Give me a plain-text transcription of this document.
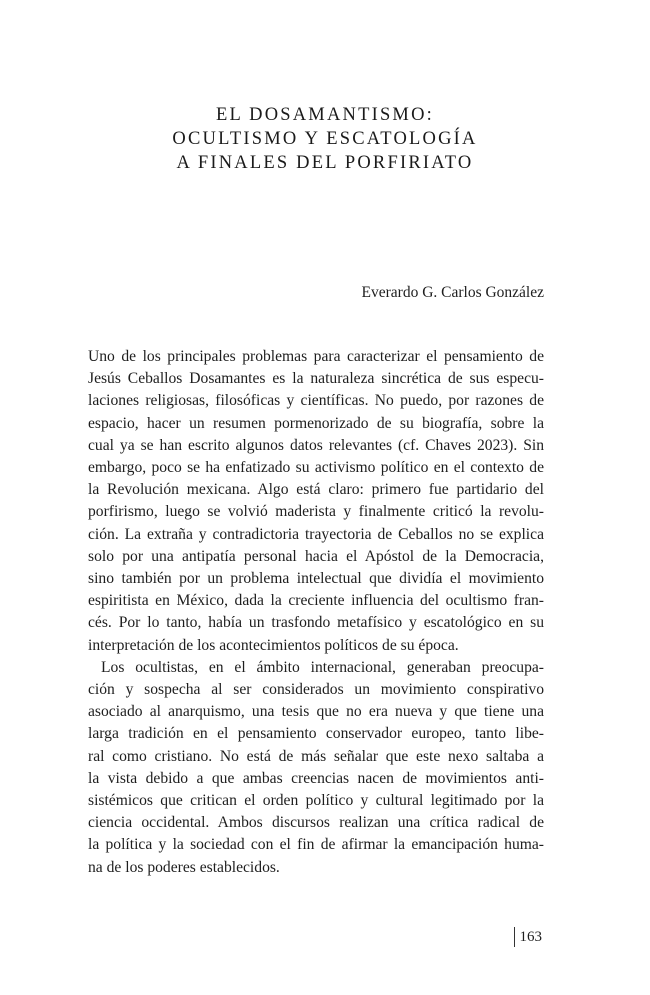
EL DOSAMANTISMO:
OCULTISMO Y ESCATOLOGÍA
A FINALES DEL PORFIRIATO
Everardo G. Carlos González
Uno de los principales problemas para caracterizar el pensamiento de
Jesús Ceballos Dosamantes es la naturaleza sincrética de sus especu-
laciones religiosas, filosóficas y científicas. No puedo, por razones de
espacio, hacer un resumen pormenorizado de su biografía, sobre la
cual ya se han escrito algunos datos relevantes (cf. Chaves 2023). Sin
embargo, poco se ha enfatizado su activismo político en el contexto de
la Revolución mexicana. Algo está claro: primero fue partidario del
porfirismo, luego se volvió maderista y finalmente criticó la revolu-
ción. La extraña y contradictoria trayectoria de Ceballos no se explica
solo por una antipatía personal hacia el Apóstol de la Democracia,
sino también por un problema intelectual que dividía el movimiento
espiritista en México, dada la creciente influencia del ocultismo fran-
cés. Por lo tanto, había un trasfondo metafísico y escatológico en su
interpretación de los acontecimientos políticos de su época.
Los ocultistas, en el ámbito internacional, generaban preocupa-
ción y sospecha al ser considerados un movimiento conspirativo
asociado al anarquismo, una tesis que no era nueva y que tiene una
larga tradición en el pensamiento conservador europeo, tanto libe-
ral como cristiano. No está de más señalar que este nexo saltaba a
la vista debido a que ambas creencias nacen de movimientos anti-
sistémicos que critican el orden político y cultural legitimado por la
ciencia occidental. Ambos discursos realizan una crítica radical de
la política y la sociedad con el fin de afirmar la emancipación huma-
na de los poderes establecidos.
163
